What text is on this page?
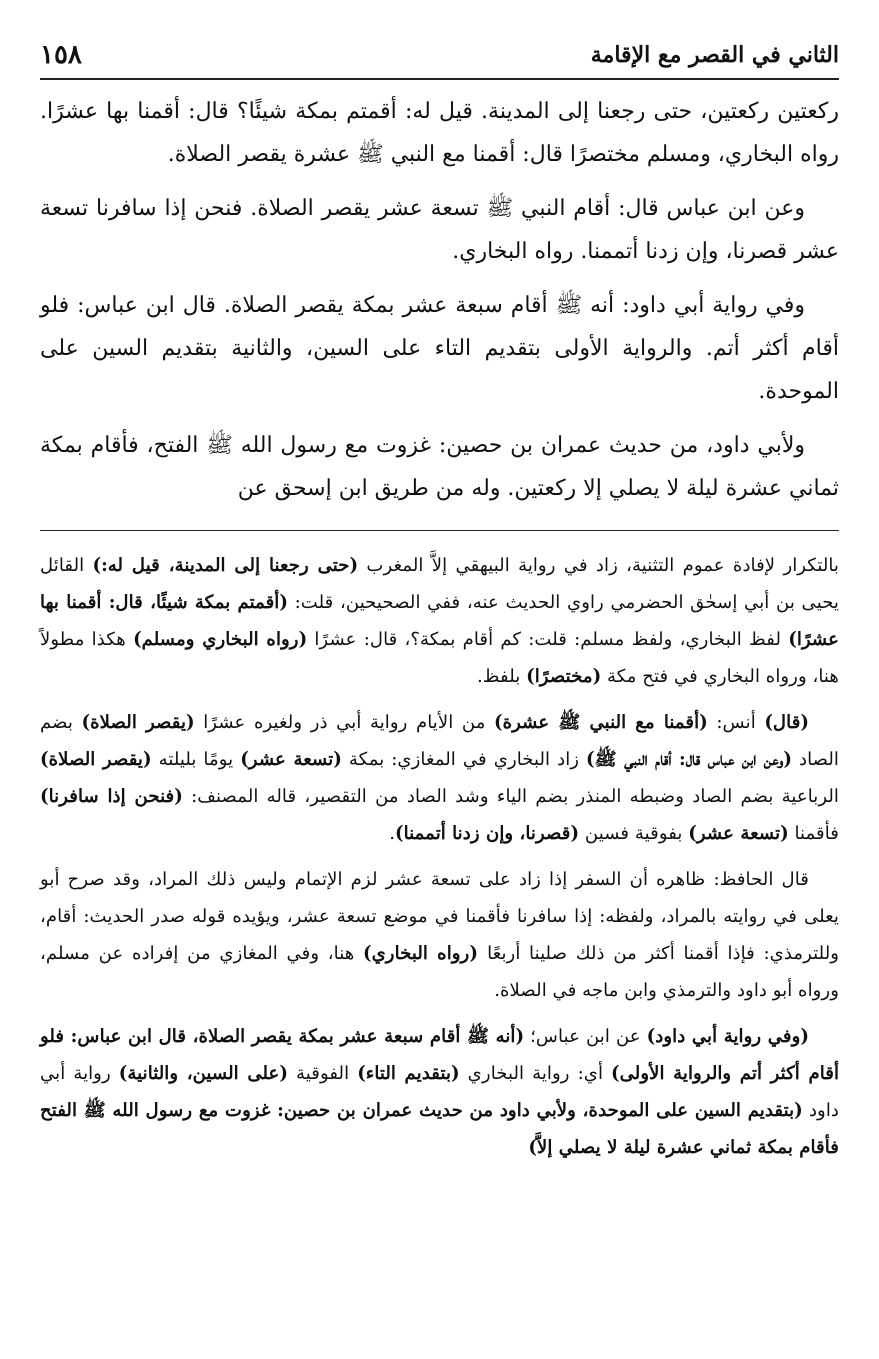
الثاني في القصر مع الإقامة
١٥٨

ركعتين ركعتين، حتى رجعنا إلى المدينة. قيل له: أقمتم بمكة شيئًا؟ قال: أقمنا بها عشرًا. رواه البخاري، ومسلم مختصرًا قال: أقمنا مع النبي ﷺ عشرة يقصر الصلاة.

وعن ابن عباس قال: أقام النبي ﷺ تسعة عشر يقصر الصلاة. فنحن إذا سافرنا تسعة عشر قصرنا، وإن زدنا أتممنا. رواه البخاري.

وفي رواية أبي داود: أنه ﷺ أقام سبعة عشر بمكة يقصر الصلاة. قال ابن عباس: فلو أقام أكثر أتم. والرواية الأولى بتقديم التاء على السين، والثانية بتقديم السين على الموحدة.

ولأبي داود، من حديث عمران بن حصين: غزوت مع رسول الله ﷺ الفتح، فأقام بمكة ثماني عشرة ليلة لا يصلي إلا ركعتين. وله من طريق ابن إسحق عن

بالتكرار لإفادة عموم التثنية، زاد في رواية البيهقي إلاَّ المغرب (حتى رجعنا إلى المدينة، قيل له:) القائل يحيى بن أبي إسحٰق الحضرمي راوي الحديث عنه، ففي الصحيحين، قلت: (أقمتم بمكة شيئًا، قال: أقمنا بها عشرًا) لفظ البخاري، ولفظ مسلم: قلت: كم أقام بمكة؟، قال: عشرًا (رواه البخاري ومسلم) هكذا مطولاً هنا، ورواه البخاري في فتح مكة (مختصرًا) بلفظ.

(قال) أنس: (أقمنا مع النبي ﷺ عشرة) من الأيام رواية أبي ذر ولغيره عشرًا (يقصر الصلاة) بضم الصاد (وعن ابن عباس قال: أقام النبي ﷺ) زاد البخاري في المغازي: بمكة (تسعة عشر) يومًا بليلته (يقصر الصلاة) الرباعية بضم الصاد وضبطه المنذر بضم الياء وشد الصاد من التقصير، قاله المصنف: (فنحن إذا سافرنا) فأقمنا (تسعة عشر) بفوقية فسين (قصرنا، وإن زدنا أتممنا).

قال الحافظ: ظاهره أن السفر إذا زاد على تسعة عشر لزم الإتمام وليس ذلك المراد، وقد صرح أبو يعلى في روايته بالمراد، ولفظه: إذا سافرنا فأقمنا في موضع تسعة عشر، ويؤيده قوله صدر الحديث: أقام، وللترمذي: فإذا أقمنا أكثر من ذلك صلينا أربعًا (رواه البخاري) هنا، وفي المغازي من إفراده عن مسلم، ورواه أبو داود والترمذي وابن ماجه في الصلاة.

(وفي رواية أبي داود) عن ابن عباس؛ (أنه ﷺ أقام سبعة عشر بمكة يقصر الصلاة، قال ابن عباس: فلو أقام أكثر أتم والرواية الأولى) أي: رواية البخاري (بتقديم التاء) الفوقية (على السين، والثانية) رواية أبي داود (بتقديم السين على الموحدة، ولأبي داود من حديث عمران بن حصين: غزوت مع رسول الله ﷺ الفتح فأقام بمكة ثماني عشرة ليلة لا يصلي إلاَّ)
